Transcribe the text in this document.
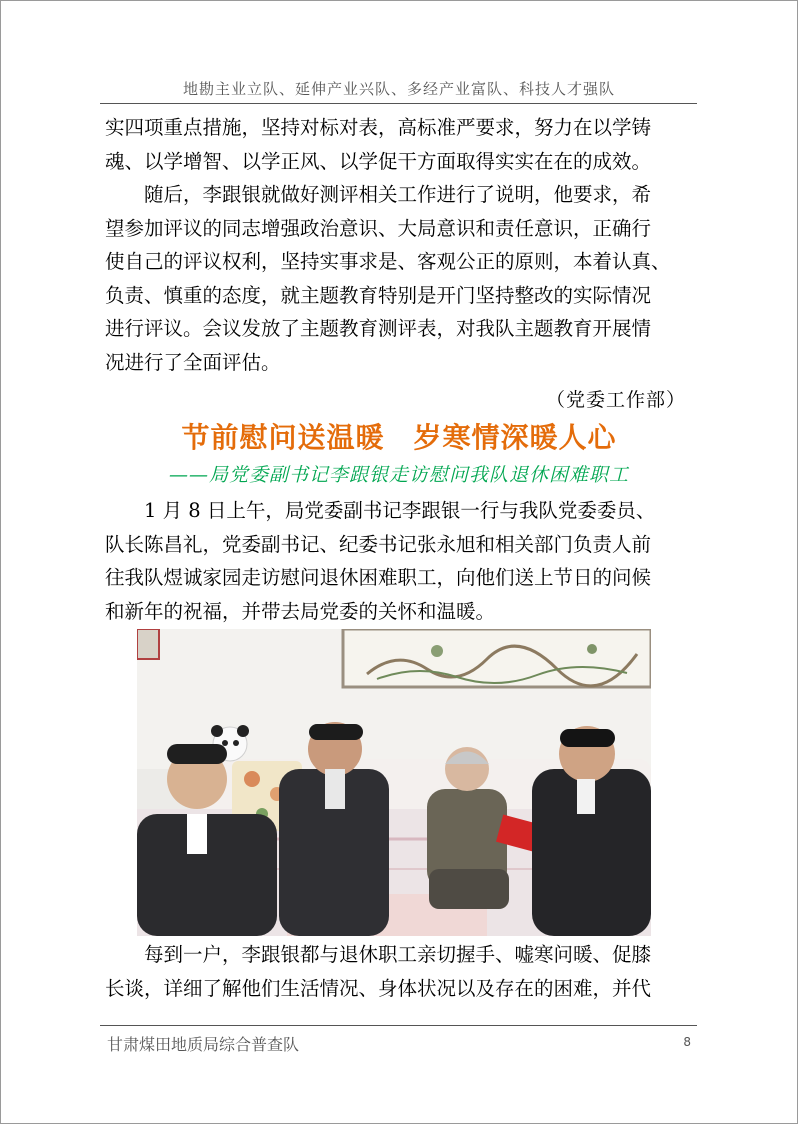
地勘主业立队、延伸产业兴队、多经产业富队、科技人才强队
实四项重点措施，坚持对标对表，高标准严要求，努力在以学铸
魂、以学增智、以学正风、以学促干方面取得实实在在的成效。
　　随后，李跟银就做好测评相关工作进行了说明，他要求，希
望参加评议的同志增强政治意识、大局意识和责任意识，正确行
使自己的评议权利，坚持实事求是、客观公正的原则，本着认真、
负责、慎重的态度，就主题教育特别是开门坚持整改的实际情况
进行评议。会议发放了主题教育测评表，对我队主题教育开展情
况进行了全面评估。
（党委工作部）
节前慰问送温暖　岁寒情深暖人心
——局党委副书记李跟银走访慰问我队退休困难职工
　　1 月 8 日上午，局党委副书记李跟银一行与我队党委委员、
队长陈昌礼，党委副书记、纪委书记张永旭和相关部门负责人前
往我队煜诚家园走访慰问退休困难职工，向他们送上节日的问候
和新年的祝福，并带去局党委的关怀和温暖。
　　每到一户，李跟银都与退休职工亲切握手、嘘寒问暖、促膝
长谈，详细了解他们生活情况、身体状况以及存在的困难，并代
甘肃煤田地质局综合普查队	8
